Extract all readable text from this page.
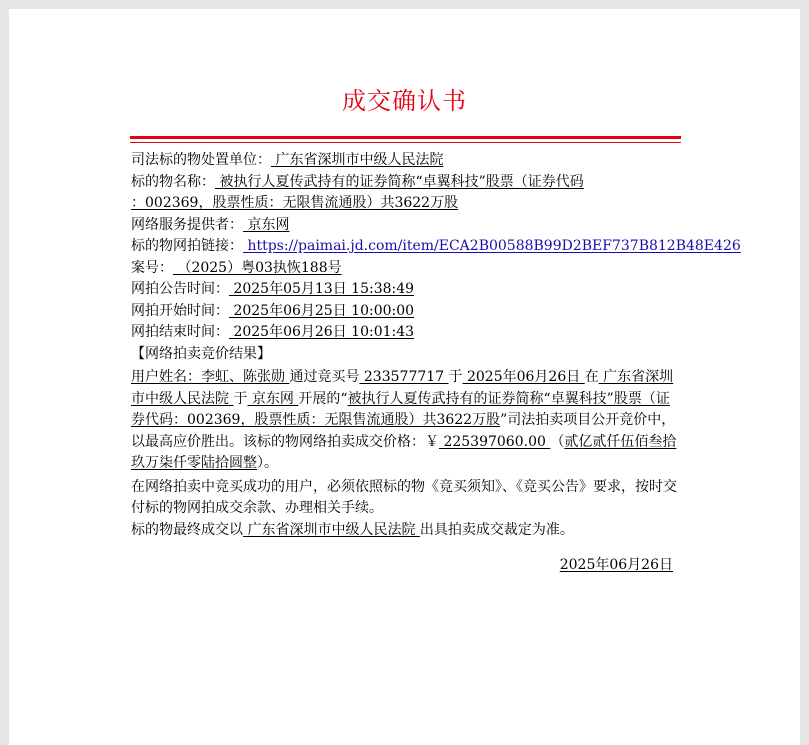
成交确认书
司法标的物处置单位： 广东省深圳市中级人民法院
标的物名称： 被执行人夏传武持有的证券简称“卓翼科技”股票（证券代码
：002369，股票性质：无限售流通股）共3622万股
网络服务提供者： 京东网
标的物网拍链接： https://paimai.jd.com/item/ECA2B00588B99D2BEF737B812B48E426
案号： （2025）粤03执恢188号
网拍公告时间： 2025年05月13日 15:38:49
网拍开始时间： 2025年06月25日 10:00:00
网拍结束时间： 2025年06月26日 10:01:43
【网络拍卖竞价结果】
用户姓名：李虹、陈张勋 通过竞买号 233577717 于 2025年06月26日 在 广东省深圳市中级人民法院 于 京东网 开展的“被执行人夏传武持有的证券简称“卓翼科技”股票（证券代码：002369，股票性质：无限售流通股）共3622万股”司法拍卖项目公开竞价中，以最高应价胜出。该标的物网络拍卖成交价格：￥ 225397060.00 （贰亿贰仟伍佰叁拾玖万柒仟零陆拾圆整）。
在网络拍卖中竞买成功的用户，必须依照标的物《竞买须知》、《竞买公告》要求，按时交付标的物网拍成交余款、办理相关手续。
标的物最终成交以 广东省深圳市中级人民法院 出具拍卖成交裁定为准。
2025年06月26日
